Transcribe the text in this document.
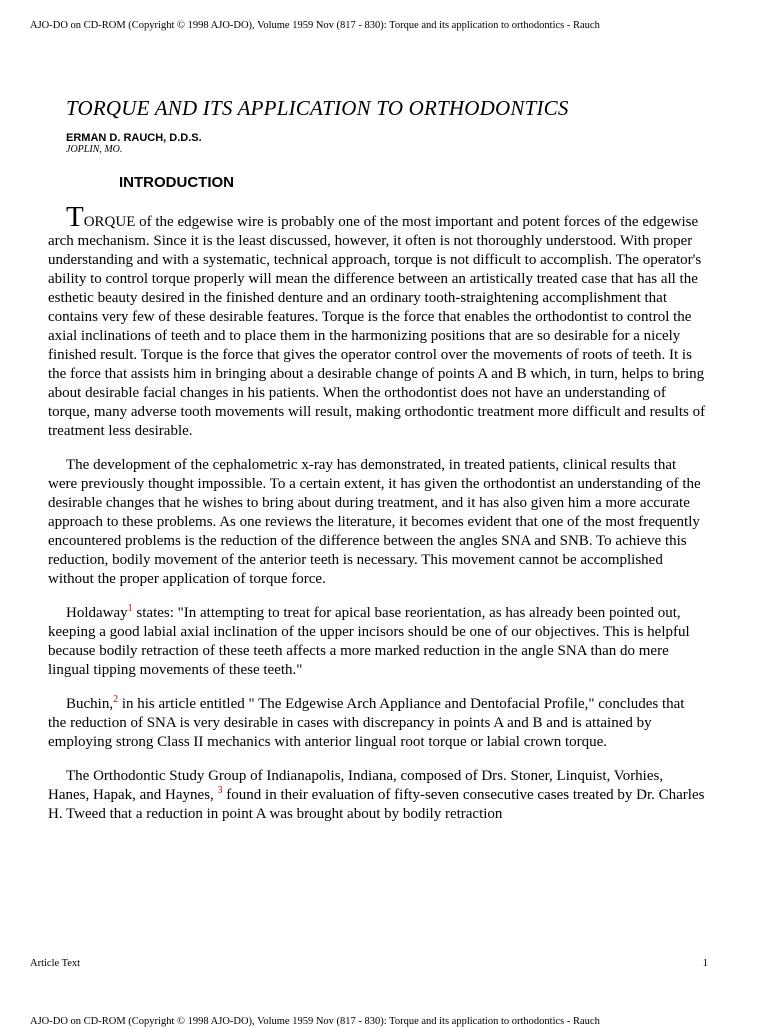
AJO-DO on CD-ROM (Copyright © 1998 AJO-DO), Volume 1959 Nov (817 - 830): Torque and its application to orthodontics - Rauch
TORQUE AND ITS APPLICATION TO ORTHODONTICS
ERMAN D. RAUCH, D.D.S.
JOPLIN, MO.
INTRODUCTION

TORQUE of the edgewise wire is probably one of the most important and potent forces of the edgewise arch mechanism. Since it is the least discussed, however, it often is not thoroughly understood. With proper understanding and with a systematic, technical approach, torque is not difficult to accomplish. The operator's ability to control torque properly will mean the difference between an artistically treated case that has all the esthetic beauty desired in the finished denture and an ordinary tooth-straightening accomplishment that contains very few of these desirable features. Torque is the force that enables the orthodontist to control the axial inclinations of teeth and to place them in the harmonizing positions that are so desirable for a nicely finished result. Torque is the force that gives the operator control over the movements of roots of teeth. It is the force that assists him in bringing about a desirable change of points A and B which, in turn, helps to bring about desirable facial changes in his patients. When the orthodontist does not have an understanding of torque, many adverse tooth movements will result, making orthodontic treatment more difficult and results of treatment less desirable.

The development of the cephalometric x-ray has demonstrated, in treated patients, clinical results that were previously thought impossible. To a certain extent, it has given the orthodontist an understanding of the desirable changes that he wishes to bring about during treatment, and it has also given him a more accurate approach to these problems. As one reviews the literature, it becomes evident that one of the most frequently encountered problems is the reduction of the difference between the angles SNA and SNB. To achieve this reduction, bodily movement of the anterior teeth is necessary. This movement cannot be accomplished without the proper application of torque force.

Holdaway$^1$ states: "In attempting to treat for apical base reorientation, as has already been pointed out, keeping a good labial axial inclination of the upper incisors should be one of our objectives. This is helpful because bodily retraction of these teeth affects a more marked reduction in the angle SNA than do mere lingual tipping movements of these teeth."

Buchin,$^2$ in his article entitled " The Edgewise Arch Appliance and Dentofacial Profile," concludes that the reduction of SNA is very desirable in cases with discrepancy in points A and B and is attained by employing strong Class II mechanics with anterior lingual root torque or labial crown torque.

The Orthodontic Study Group of Indianapolis, Indiana, composed of Drs. Stoner, Linquist, Vorhies, Hanes, Hapak, and Haynes, $^3$ found in their evaluation of fifty-seven consecutive cases treated by Dr. Charles H. Tweed that a reduction in point A was brought about by bodily retraction

Article Text	1
AJO-DO on CD-ROM (Copyright © 1998 AJO-DO), Volume 1959 Nov (817 - 830): Torque and its application to orthodontics - Rauch
